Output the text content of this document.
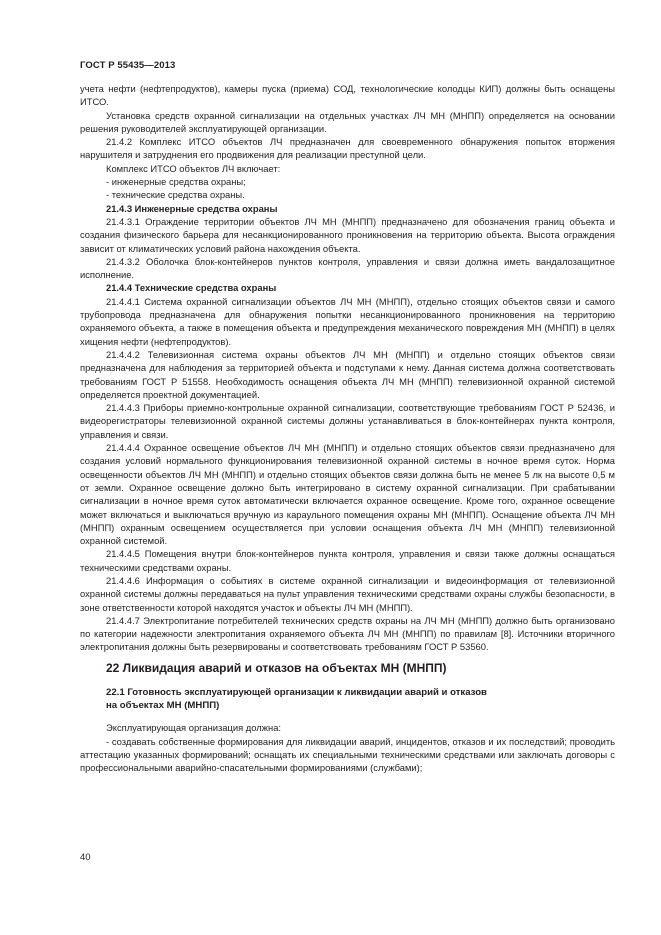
ГОСТ Р 55435—2013

учета нефти (нефтепродуктов), камеры пуска (приема) СОД, технологические колодцы КИП) должны быть оснащены ИТСО.

Установка средств охранной сигнализации на отдельных участках ЛЧ МН (МНПП) определяется на основании решения руководителей эксплуатирующей организации.

21.4.2 Комплекс ИТСО объектов ЛЧ предназначен для своевременного обнаружения попыток вторжения нарушителя и затруднения его продвижения для реализации преступной цели.

Комплекс ИТСО объектов ЛЧ включает:

- инженерные средства охраны;

- технические средства охраны.

21.4.3 Инженерные средства охраны

21.4.3.1 Ограждение территории объектов ЛЧ МН (МНПП) предназначено для обозначения границ объекта и создания физического барьера для несанкционированного проникновения на территорию объекта. Высота ограждения зависит от климатических условий района нахождения объекта.

21.4.3.2 Оболочка блок-контейнеров пунктов контроля, управления и связи должна иметь вандалозащитное исполнение.

21.4.4 Технические средства охраны

21.4.4.1 Система охранной сигнализации объектов ЛЧ МН (МНПП), отдельно стоящих объектов связи и самого трубопровода предназначена для обнаружения попытки несанкционированного проникновения на территорию охраняемого объекта, а также в помещения объекта и предупреждения механического повреждения МН (МНПП) в целях хищения нефти (нефтепродуктов).

21.4.4.2 Телевизионная система охраны объектов ЛЧ МН (МНПП) и отдельно стоящих объектов связи предназначена для наблюдения за территорией объекта и подступами к нему. Данная система должна соответствовать требованиям ГОСТ Р 51558. Необходимость оснащения объекта ЛЧ МН (МНПП) телевизионной охранной системой определяется проектной документацией.

21.4.4.3 Приборы приемно-контрольные охранной сигнализации, соответствующие требованиям ГОСТ Р 52436, и видеорегистраторы телевизионной охранной системы должны устанавливаться в блок-контейнерах пункта контроля, управления и связи.

21.4.4.4 Охранное освещение объектов ЛЧ МН (МНПП) и отдельно стоящих объектов связи предназначено для создания условий нормального функционирования телевизионной охранной системы в ночное время суток. Норма освещенности объектов ЛЧ МН (МНПП) и отдельно стоящих объектов связи должна быть не менее 5 лк на высоте 0,5 м от земли. Охранное освещение должно быть интегрировано в систему охранной сигнализации. При срабатывании сигнализации в ночное время суток автоматически включается охранное освещение. Кроме того, охранное освещение может включаться и выключаться вручную из караульного помещения охраны МН (МНПП). Оснащение объекта ЛЧ МН (МНПП) охранным освещением осуществляется при условии оснащения объекта ЛЧ МН (МНПП) телевизионной охранной системой.

21.4.4.5 Помещения внутри блок-контейнеров пункта контроля, управления и связи также должны оснащаться техническими средствами охраны.

21.4.4.6 Информация о событиях в системе охранной сигнализации и видеоинформация от телевизионной охранной системы должны передаваться на пульт управления техническими средствами охраны службы безопасности, в зоне ответственности которой находятся участок и объекты ЛЧ МН (МНПП).

21.4.4.7 Электропитание потребителей технических средств охраны на ЛЧ МН (МНПП) должно быть организовано по категории надежности электропитания охраняемого объекта ЛЧ МН (МНПП) по правилам [8]. Источники вторичного электропитания должны быть резервированы и соответствовать требованиям ГОСТ Р 53560.

22 Ликвидация аварий и отказов на объектах МН (МНПП)

22.1 Готовность эксплуатирующей организации к ликвидации аварий и отказов
на объектах МН (МНПП)

Эксплуатирующая организация должна:

- создавать собственные формирования для ликвидации аварий, инцидентов, отказов и их последствий; проводить аттестацию указанных формирований; оснащать их специальными техническими средствами или заключать договоры с профессиональными аварийно-спасательными формированиями (службами);

40
